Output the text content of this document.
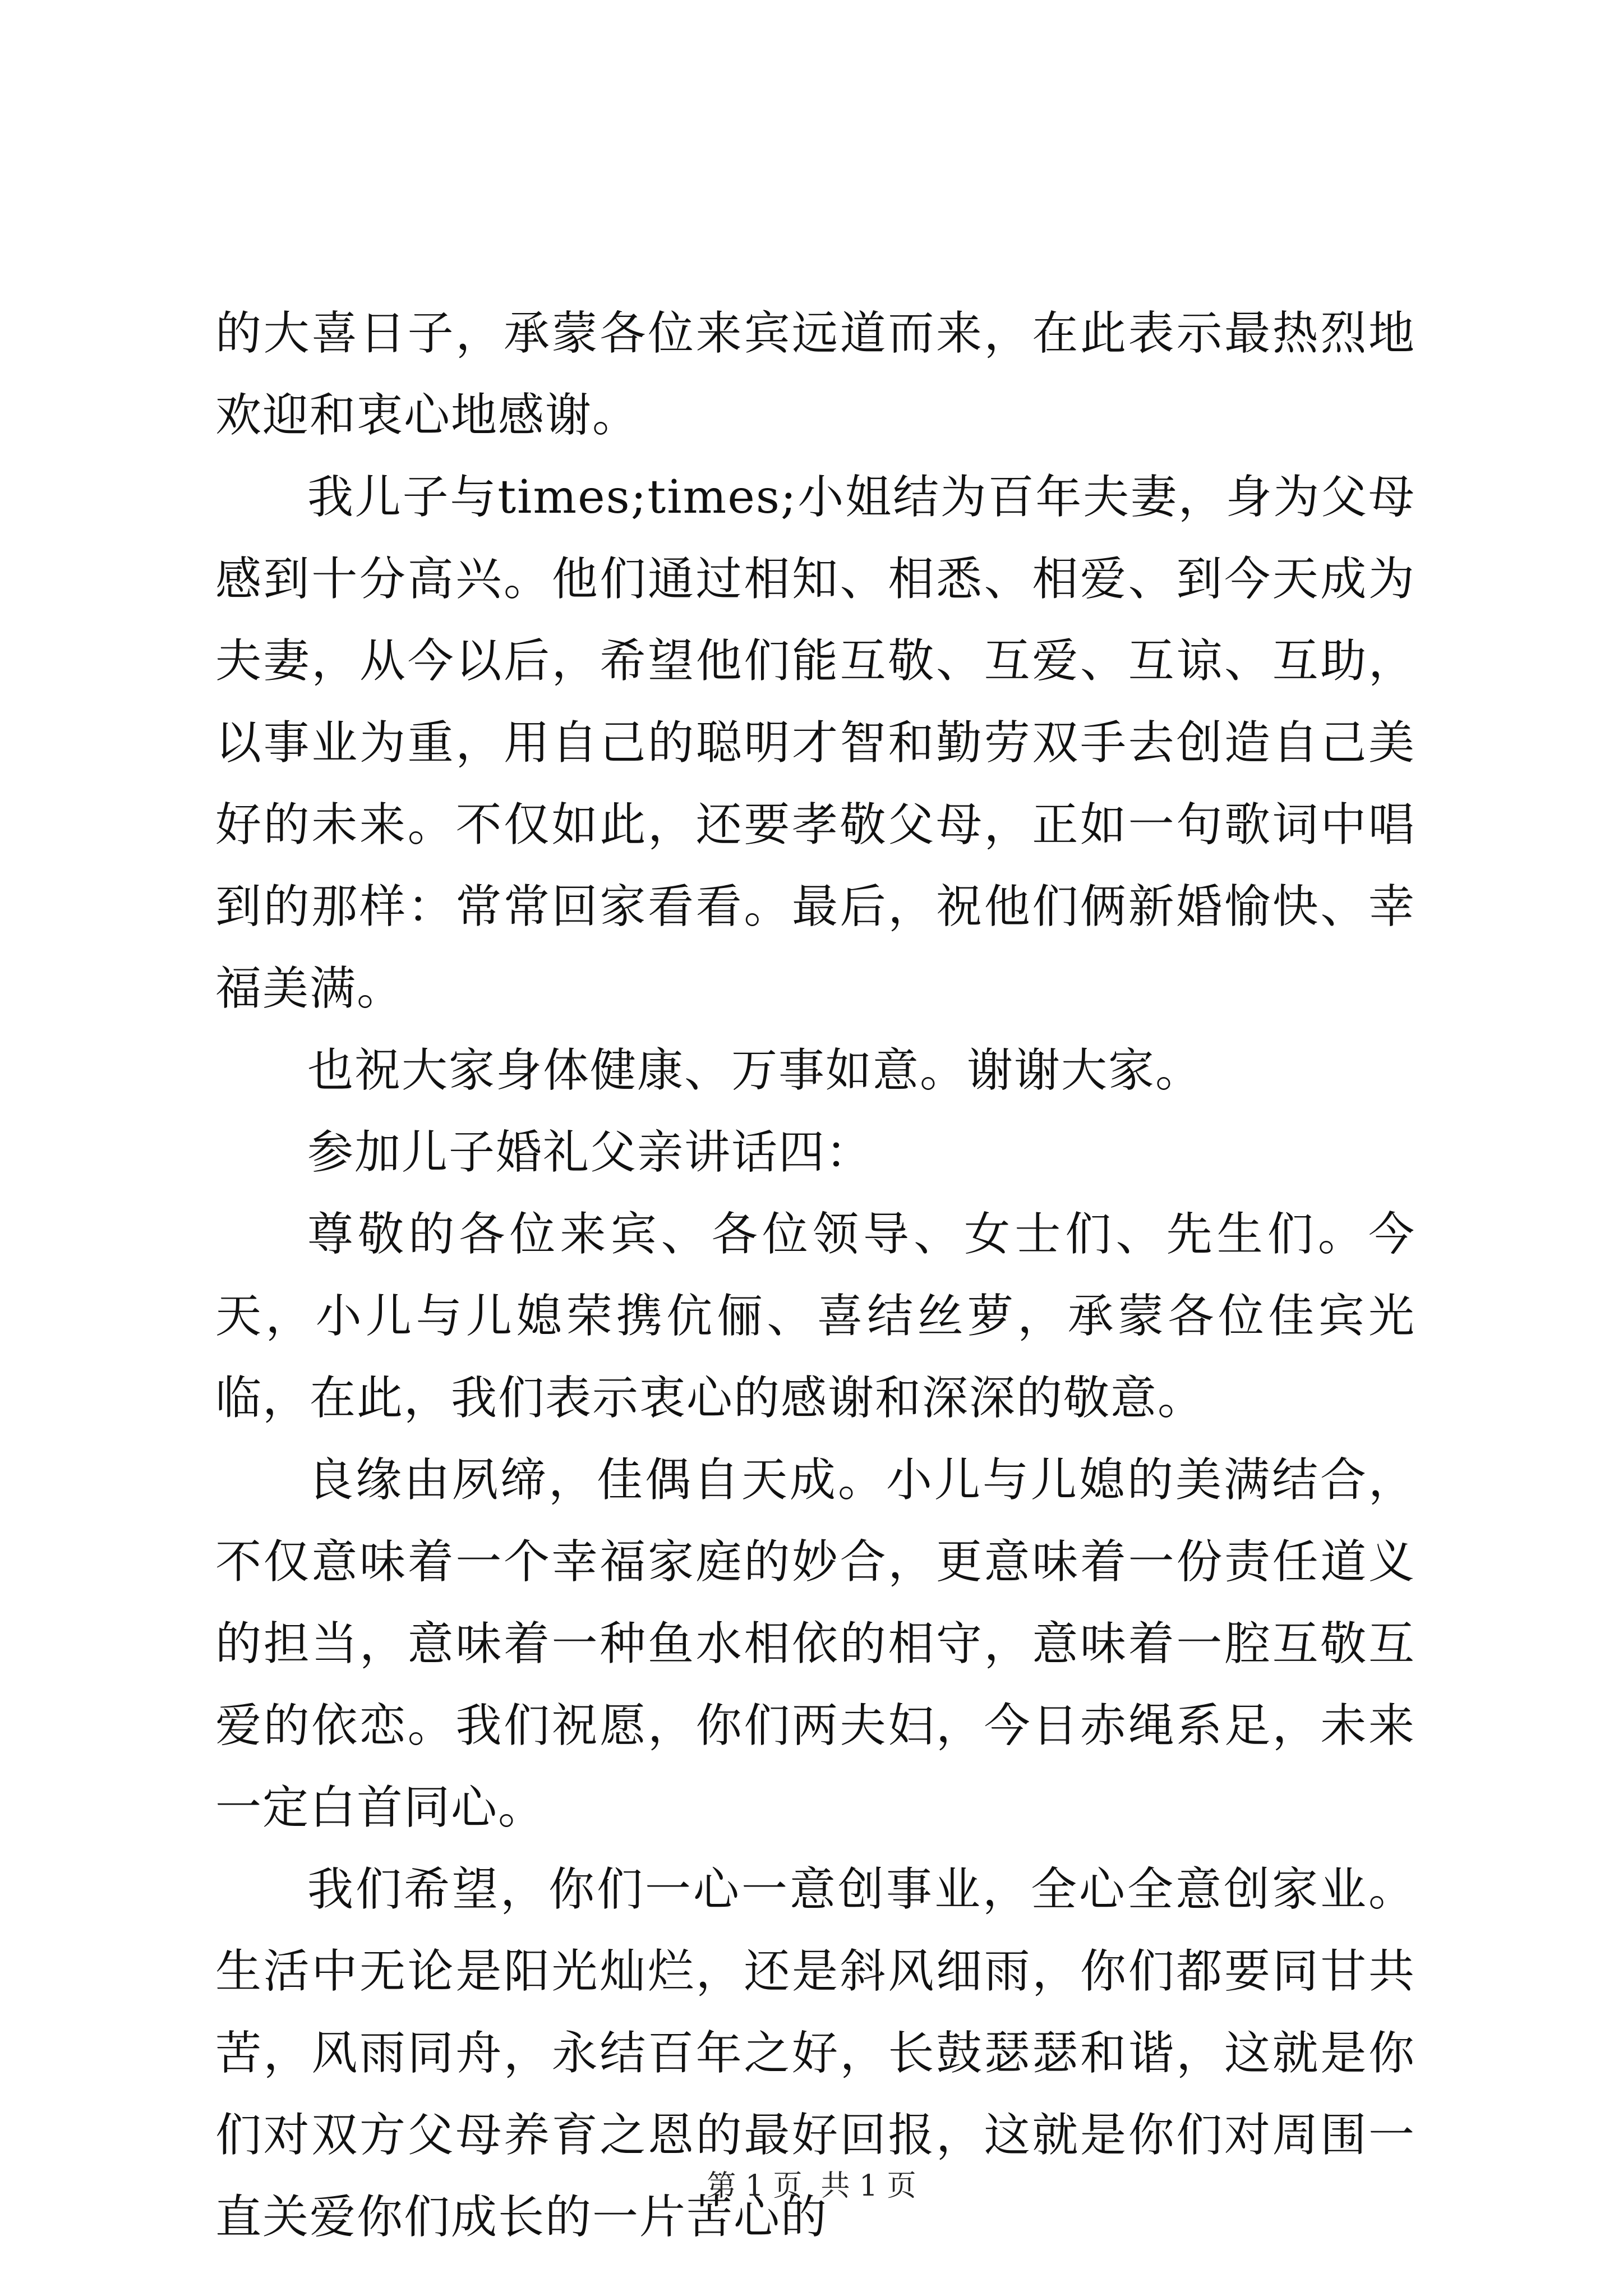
的大喜日子，承蒙各位来宾远道而来，在此表示最热烈地欢迎和衷心地感谢。

我儿子与times;times;小姐结为百年夫妻，身为父母感到十分高兴。他们通过相知、相悉、相爱、到今天成为夫妻，从今以后，希望他们能互敬、互爱、互谅、互助，以事业为重，用自己的聪明才智和勤劳双手去创造自己美好的未来。不仅如此，还要孝敬父母，正如一句歌词中唱到的那样：常常回家看看。最后，祝他们俩新婚愉快、幸福美满。

也祝大家身体健康、万事如意。谢谢大家。

参加儿子婚礼父亲讲话四：

尊敬的各位来宾、各位领导、女士们、先生们。今天，小儿与儿媳荣携伉俪、喜结丝萝，承蒙各位佳宾光临，在此，我们表示衷心的感谢和深深的敬意。

良缘由夙缔，佳偶自天成。小儿与儿媳的美满结合，不仅意味着一个幸福家庭的妙合，更意味着一份责任道义的担当，意味着一种鱼水相依的相守，意味着一腔互敬互爱的依恋。我们祝愿，你们两夫妇，今日赤绳系足，未来一定白首同心。

我们希望，你们一心一意创事业，全心全意创家业。生活中无论是阳光灿烂，还是斜风细雨，你们都要同甘共苦，风雨同舟，永结百年之好，长鼓瑟瑟和谐，这就是你们对双方父母养育之恩的最好回报，这就是你们对周围一直关爱你们成长的一片苦心的

第 1 页  共 1 页
